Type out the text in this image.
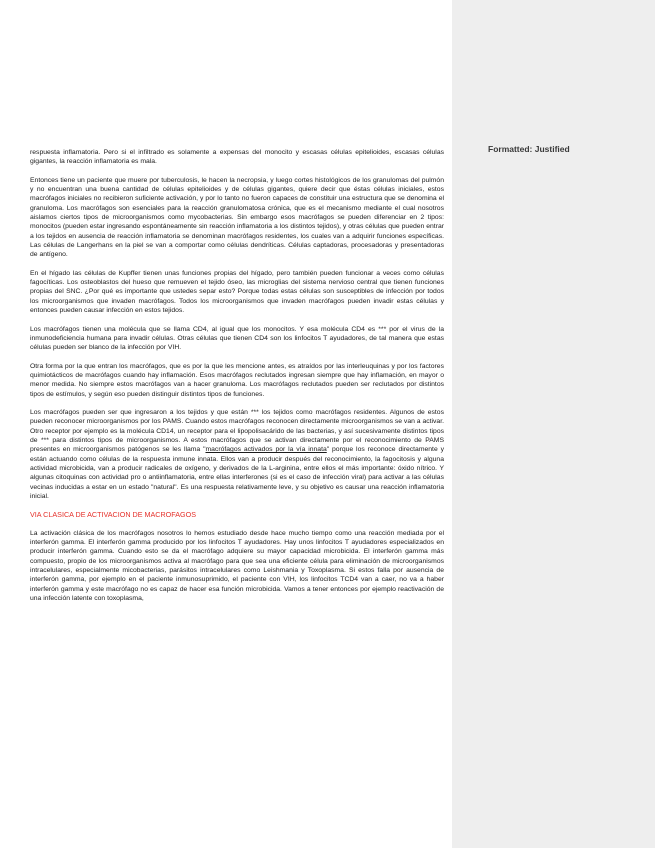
respuesta inflamatoria. Pero si el infiltrado es solamente a expensas del monocito y escasas células epitelioides, escasas células gigantes, la reacción inflamatoria es mala.

Entonces tiene un paciente que muere por tuberculosis, le hacen la necropsia, y luego cortes histológicos de los granulomas del pulmón y no encuentran una buena cantidad de células epitelioides y de células gigantes, quiere decir que éstas células iniciales, estos macrófagos iniciales no recibieron suficiente activación, y por lo tanto no fueron capaces de constituir una estructura que se denomina el granuloma. Los macrófagos son esenciales para la reacción granulomatosa crónica, que es el mecanismo mediante el cual nosotros aislamos ciertos tipos de microorganismos como mycobacterias. Sin embargo esos macrófagos se pueden diferenciar en 2 tipos: monocitos (pueden estar ingresando espontáneamente sin reacción inflamatoria a los distintos tejidos), y otras células que pueden entrar a los tejidos en ausencia de reacción inflamatoria se denominan macrófagos residentes, los cuales van a adquirir funciones específicas. Las células de Langerhans en la piel se van a comportar como células dendríticas. Células captadoras, procesadoras y presentadoras de antígeno.

En el hígado las células de Kupffer tienen unas funciones propias del hígado, pero también pueden funcionar a veces como células fagocíticas. Los osteoblastos del hueso que remueven el tejido óseo, las microglias del sistema nervioso central que tienen funciones propias del SNC. ¿Por qué es importante que ustedes separ esto? Porque todas estas células son susceptibles de infección por todos los microorganismos que invaden macrófagos. Todos los microorganismos que invaden macrófagos pueden invadir estas células y entonces pueden causar infección en estos tejidos.

Los macrófagos tienen una molécula que se llama CD4, al igual que los monocitos. Y esa molécula CD4 es *** por el virus de la inmunodeficiencia humana para invadir células. Otras células que tienen CD4 son los linfocitos T ayudadores, de tal manera que estas células pueden ser blanco de la infección por VIH.

Otra forma por la que entran los macrófagos, que es por la que les mencione antes, es atraídos por las interleuquinas y por los factores quimiotácticos de macrófagos cuando hay inflamación. Esos macrófagos reclutados ingresan siempre que hay inflamación, en mayor o menor medida. No siempre estos macrófagos van a hacer granuloma. Los macrófagos reclutados pueden ser reclutados por distintos tipos de estímulos, y según eso pueden distinguir distintos tipos de funciones.

Los macrófagos pueden ser que ingresaron a los tejidos y que están *** los tejidos como macrófagos residentes. Algunos de estos pueden reconocer microorganismos por los PAMS. Cuando estos macrófagos reconocen directamente microorganismos se van a activar. Otro receptor por ejemplo es la molécula CD14, un receptor para el lipopolisacárido de las bacterias, y así sucesivamente distintos tipos de *** para distintos tipos de microorganismos. A estos macrófagos que se activan directamente por el reconocimiento de PAMS presentes en microorganismos patógenos se les llama "macrófagos activados por la vía innata" porque los reconoce directamente y están actuando como células de la respuesta inmune innata. Ellos van a producir después del reconocimiento, la fagocitosis y alguna actividad microbicida, van a producir radicales de oxígeno, y derivados de la L-arginina, entre ellos el más importante: óxido nítrico. Y algunas citoquinas con actividad pro o antiinflamatoria, entre ellas interferones (si es el caso de infección viral) para activar a las células vecinas inducidas a estar en un estado "natural". Es una respuesta relativamente leve, y su objetivo es causar una reacción inflamatoria inicial.

VIA CLASICA DE ACTIVACION DE MACROFAGOS

La activación clásica de los macrófagos nosotros lo hemos estudiado desde hace mucho tiempo como una reacción mediada por el interferón gamma. El interferón gamma producido por los linfocitos T ayudadores. Hay unos linfocitos T ayudadores especializados en producir interferón gamma. Cuando esto se da el macrófago adquiere su mayor capacidad microbicida. El interferón gamma más compuesto, propio de los microorganismos activa al macrófago para que sea una eficiente célula para eliminación de microorganismos intracelulares, especialmente micobacterias, parásitos intracelulares como Leishmania y Toxoplasma. Si estos falla por ausencia de interferón gamma, por ejemplo en el paciente inmunosuprimido, el paciente con VIH, los linfocitos TCD4 van a caer, no va a haber interferón gamma y este macrófago no es capaz de hacer esa función microbicida. Vamos a tener entonces por ejemplo reactivación de una infección latente con toxoplasma,

Formatted: Justified
